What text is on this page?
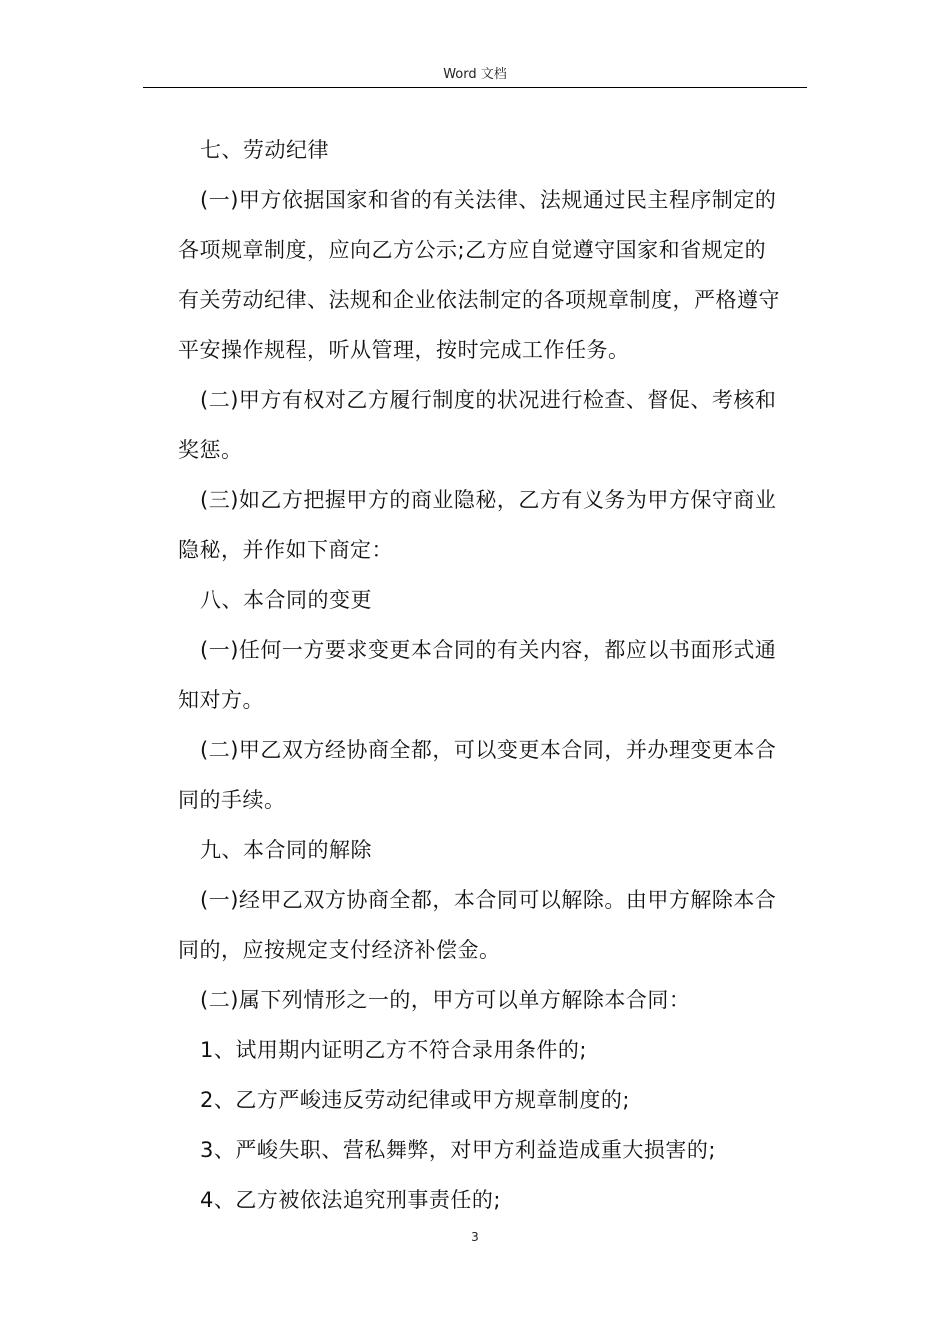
Word 文档
七、劳动纪律
(一)甲方依据国家和省的有关法律、法规通过民主程序制定的
各项规章制度，应向乙方公示;乙方应自觉遵守国家和省规定的
有关劳动纪律、法规和企业依法制定的各项规章制度，严格遵守
平安操作规程，听从管理，按时完成工作任务。
(二)甲方有权对乙方履行制度的状况进行检查、督促、考核和
奖惩。
(三)如乙方把握甲方的商业隐秘，乙方有义务为甲方保守商业
隐秘，并作如下商定：
八、本合同的变更
(一)任何一方要求变更本合同的有关内容，都应以书面形式通
知对方。
(二)甲乙双方经协商全都，可以变更本合同，并办理变更本合
同的手续。
九、本合同的解除
(一)经甲乙双方协商全都，本合同可以解除。由甲方解除本合
同的，应按规定支付经济补偿金。
(二)属下列情形之一的，甲方可以单方解除本合同：
1、试用期内证明乙方不符合录用条件的;
2、乙方严峻违反劳动纪律或甲方规章制度的;
3、严峻失职、营私舞弊，对甲方利益造成重大损害的;
4、乙方被依法追究刑事责任的;
3
